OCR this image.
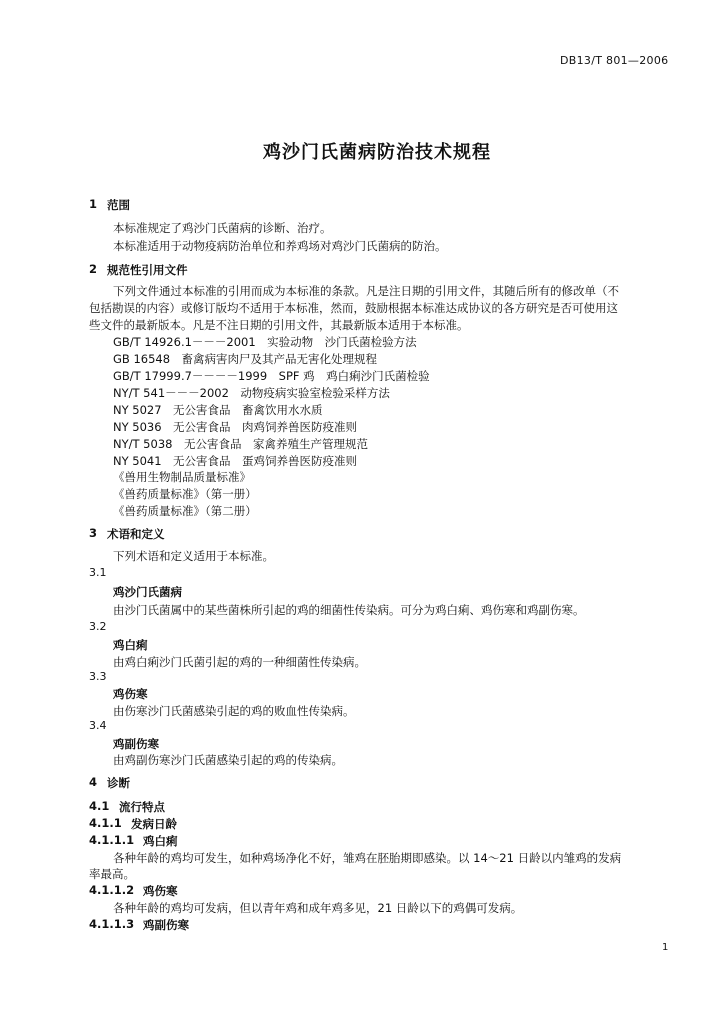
DB13/T 801—2006
鸡沙门氏菌病防治技术规程
1 范围
本标准规定了鸡沙门氏菌病的诊断、治疗。
本标准适用于动物疫病防治单位和养鸡场对鸡沙门氏菌病的防治。
2 规范性引用文件
下列文件通过本标准的引用而成为本标准的条款。凡是注日期的引用文件，其随后所有的修改单（不
包括勘误的内容）或修订版均不适用于本标准，然而，鼓励根据本标准达成协议的各方研究是否可使用这
些文件的最新版本。凡是不注日期的引用文件，其最新版本适用于本标准。
GB/T 14926.1－－－2001　实验动物　沙门氏菌检验方法
GB 16548　畜禽病害肉尸及其产品无害化处理规程
GB/T 17999.7－－－－1999　SPF 鸡　鸡白痢沙门氏菌检验
NY/T 541－－－2002　动物疫病实验室检验采样方法
NY 5027　无公害食品　畜禽饮用水水质
NY 5036　无公害食品　肉鸡饲养兽医防疫准则
NY/T 5038　无公害食品　家禽养殖生产管理规范
NY 5041　无公害食品　蛋鸡饲养兽医防疫准则
《兽用生物制品质量标准》
《兽药质量标准》（第一册）
《兽药质量标准》（第二册）
3 术语和定义
下列术语和定义适用于本标准。
3.1
鸡沙门氏菌病
由沙门氏菌属中的某些菌株所引起的鸡的细菌性传染病。可分为鸡白痢、鸡伤寒和鸡副伤寒。
3.2
鸡白痢
由鸡白痢沙门氏菌引起的鸡的一种细菌性传染病。
3.3
鸡伤寒
由伤寒沙门氏菌感染引起的鸡的败血性传染病。
3.4
鸡副伤寒
由鸡副伤寒沙门氏菌感染引起的鸡的传染病。
4 诊断
4.1 流行特点
4.1.1 发病日龄
4.1.1.1 鸡白痢
各种年龄的鸡均可发生，如种鸡场净化不好，雏鸡在胚胎期即感染。以 14～21 日龄以内雏鸡的发病
率最高。
4.1.1.2 鸡伤寒
各种年龄的鸡均可发病，但以青年鸡和成年鸡多见，21 日龄以下的鸡偶可发病。
4.1.1.3 鸡副伤寒
1
